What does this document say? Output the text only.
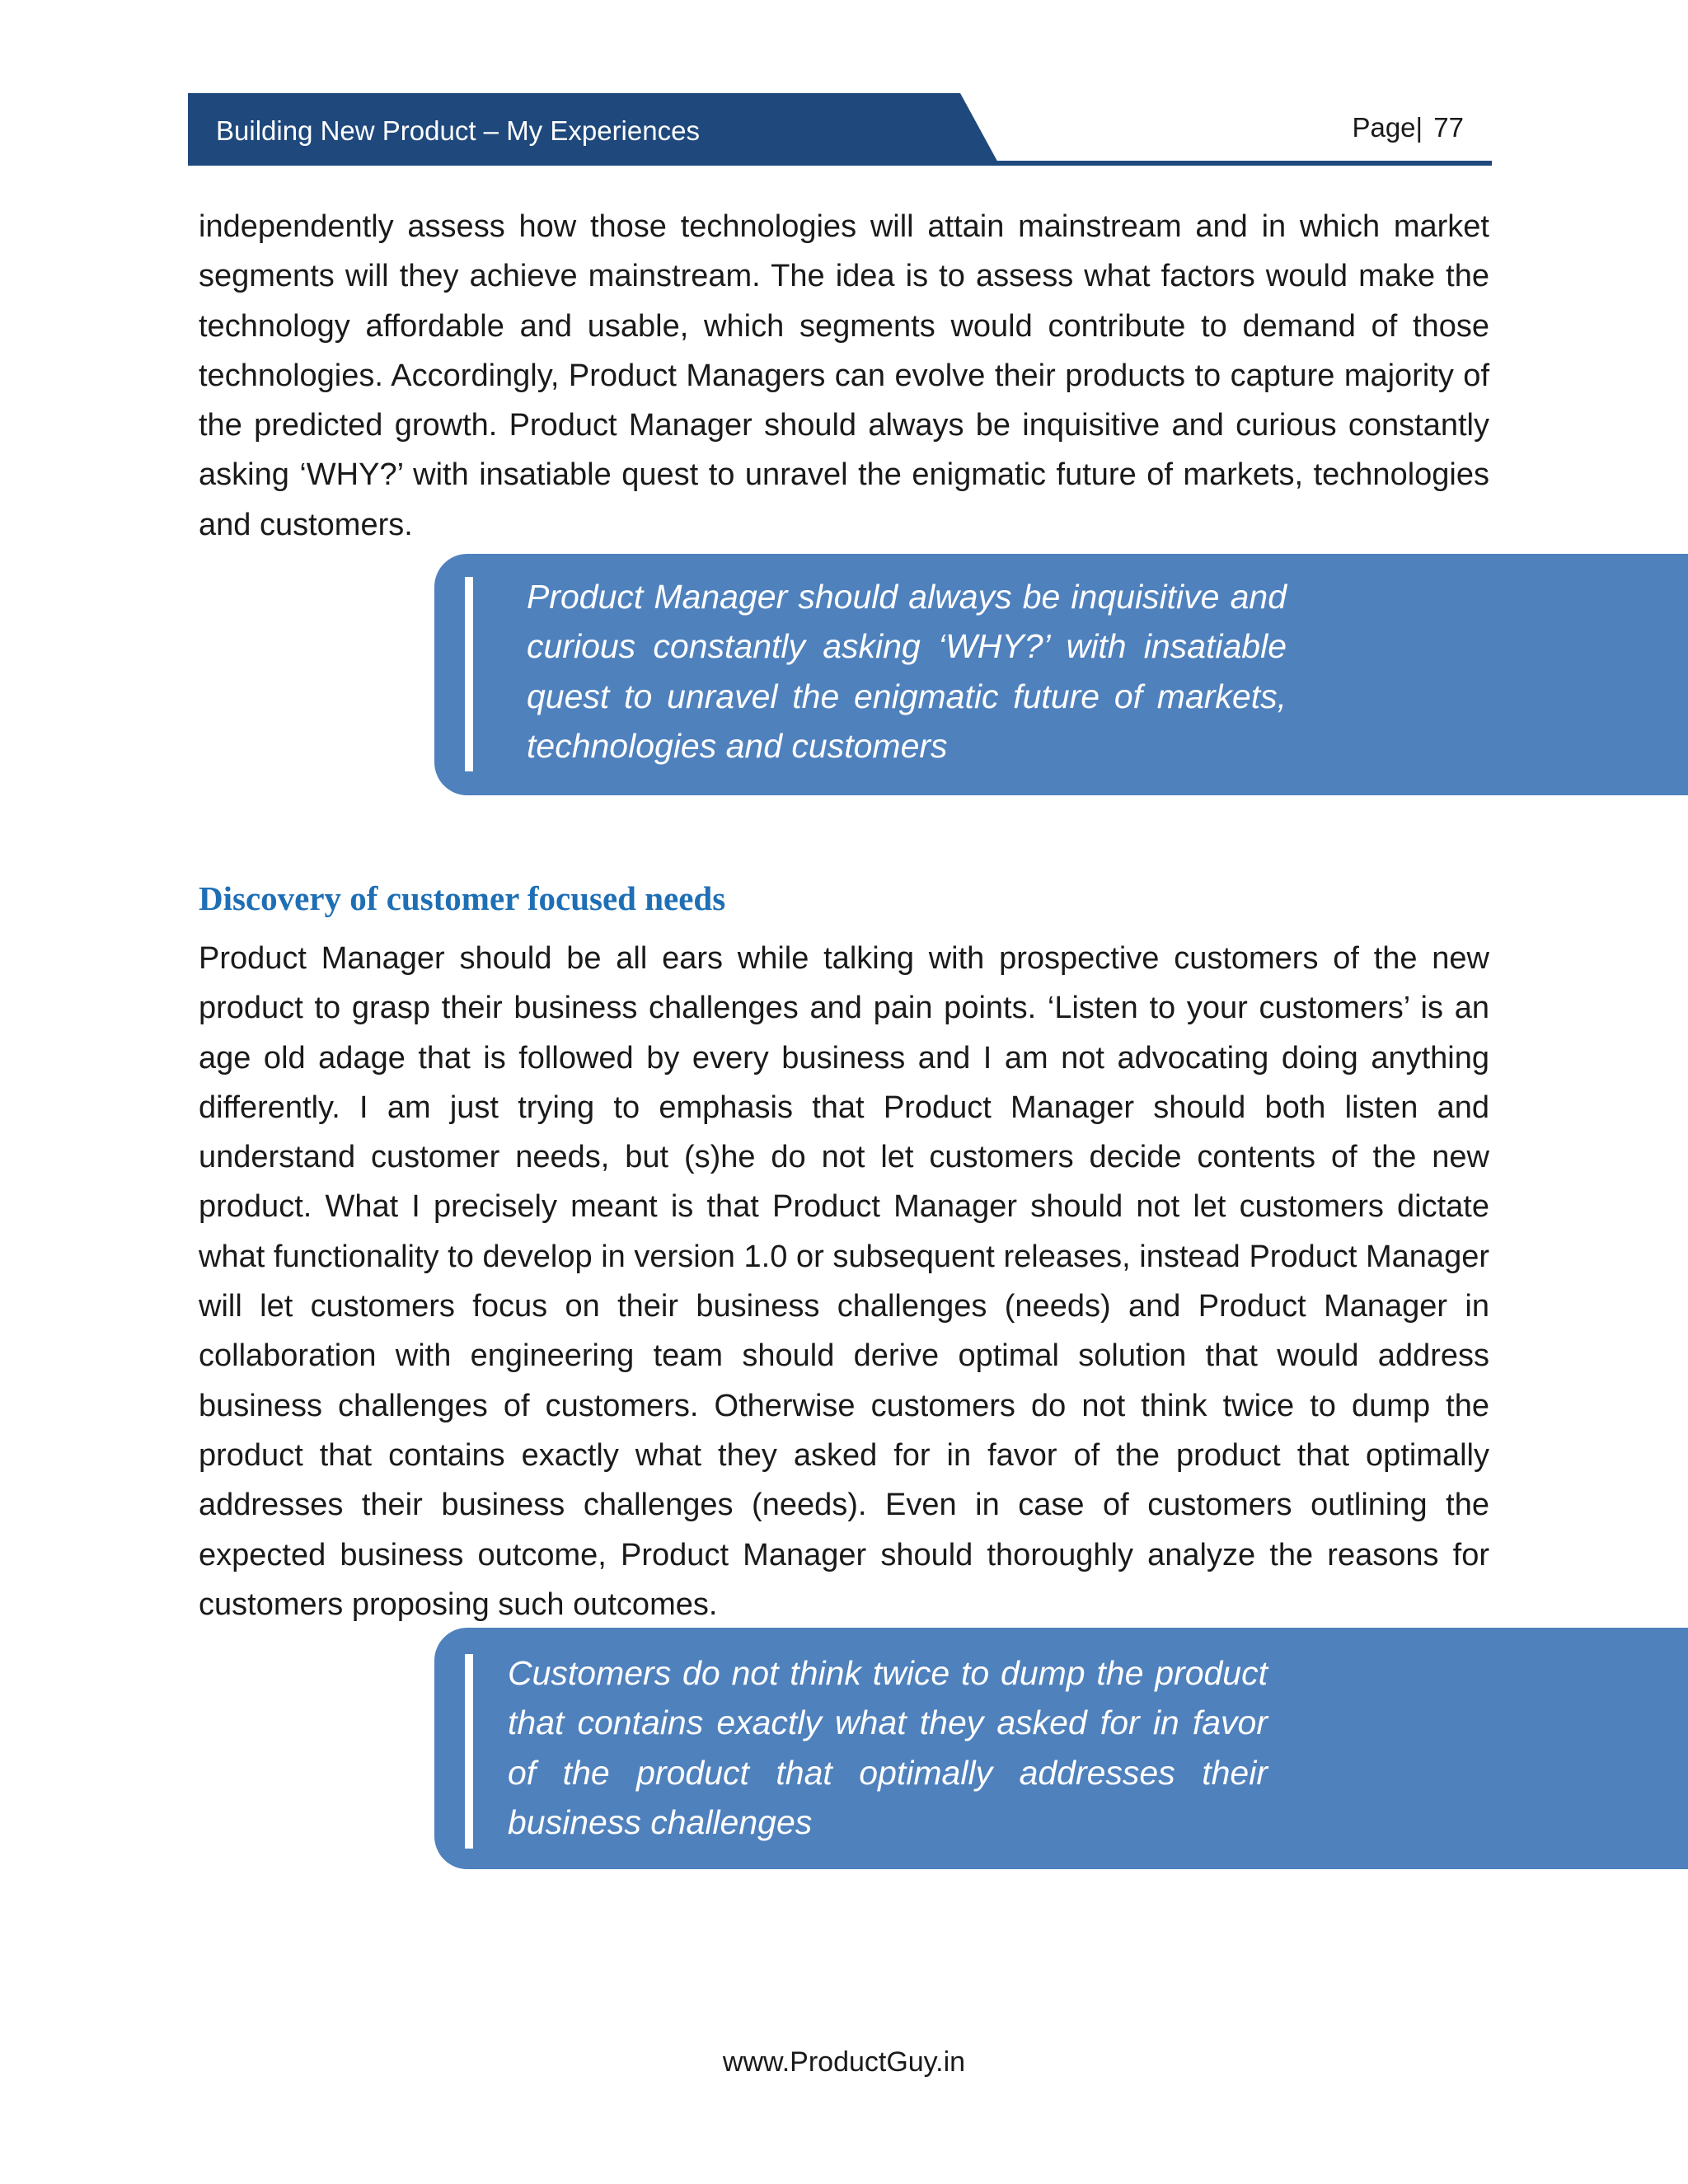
Building New Product – My Experiences	Page| 77

independently assess how those technologies will attain mainstream and in which market segments will they achieve mainstream. The idea is to assess what factors would make the technology affordable and usable, which segments would contribute to demand of those technologies. Accordingly, Product Managers can evolve their products to capture majority of the predicted growth. Product Manager should always be inquisitive and curious constantly asking ‘WHY?’ with insatiable quest to unravel the enigmatic future of markets, technologies and customers.

Product Manager should always be inquisitive and curious constantly asking ‘WHY?’ with insatiable quest to unravel the enigmatic future of markets, technologies and customers

Discovery of customer focused needs

Product Manager should be all ears while talking with prospective customers of the new product to grasp their business challenges and pain points. ‘Listen to your customers’ is an age old adage that is followed by every business and I am not advocating doing anything differently. I am just trying to emphasis that Product Manager should both listen and understand customer needs, but (s)he do not let customers decide contents of the new product. What I precisely meant is that Product Manager should not let customers dictate what functionality to develop in version 1.0 or subsequent releases, instead Product Manager will let customers focus on their business challenges (needs) and Product Manager in collaboration with engineering team should derive optimal solution that would address business challenges of customers. Otherwise customers do not think twice to dump the product that contains exactly what they asked for in favor of the product that optimally addresses their business challenges (needs). Even in case of customers outlining the expected business outcome, Product Manager should thoroughly analyze the reasons for customers proposing such outcomes.

Customers do not think twice to dump the product that contains exactly what they asked for in favor of the product that optimally addresses their business challenges

www.ProductGuy.in
